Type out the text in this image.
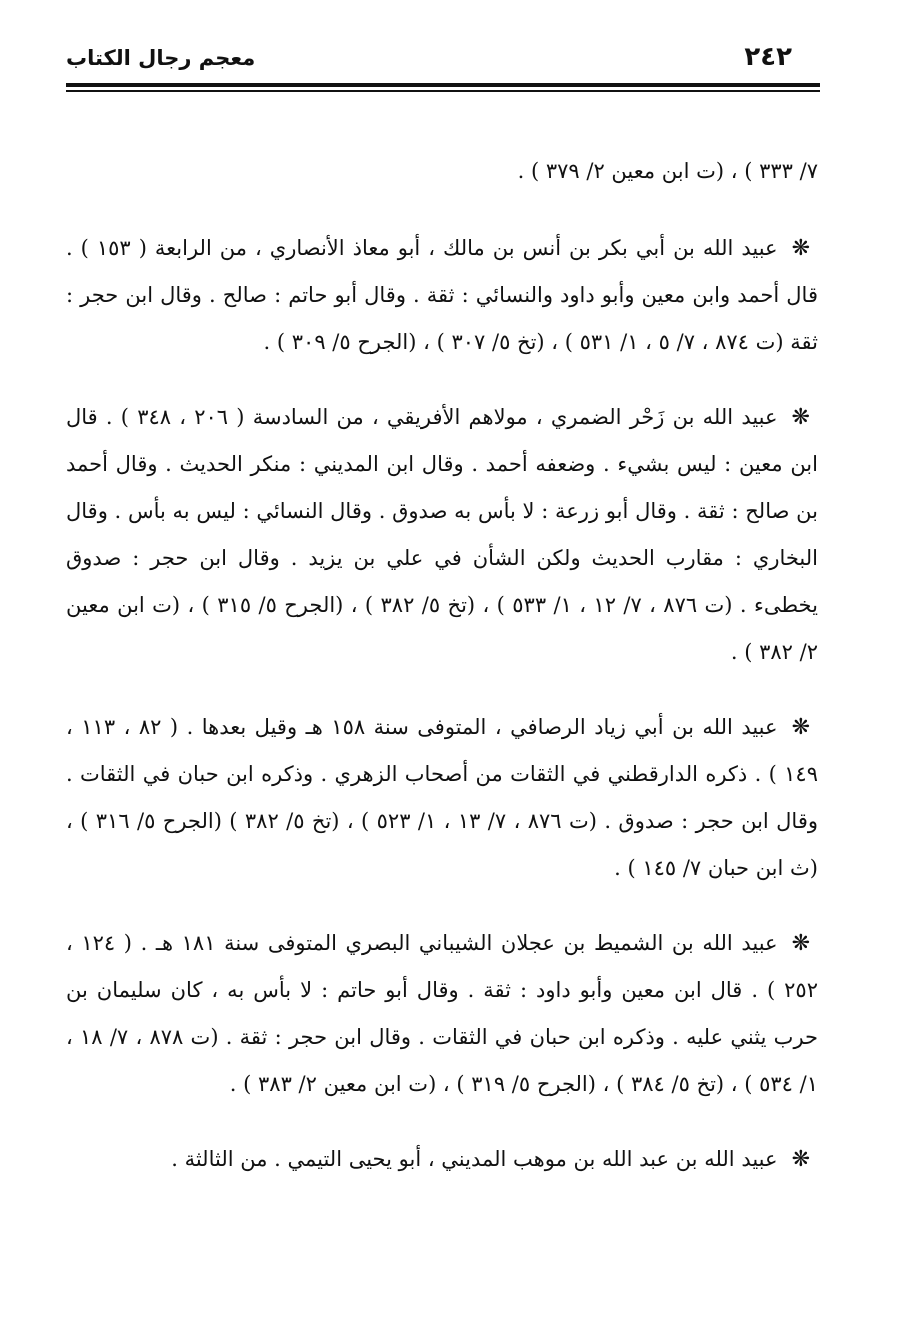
معجم رجال الكتاب	٢٤٢

٧/ ٣٣٣ ) ، (ت ابن معين ٢/ ٣٧٩ ) .

❋عبيد الله بن أبي بكر بن أنس بن مالك ، أبو معاذ الأنصاري ، من الرابعة ( ١٥٣ ) . قال أحمد وابن معين وأبو داود والنسائي : ثقة . وقال أبو حاتم : صالح . وقال ابن حجر : ثقة (ت ٨٧٤ ، ٧/ ٥ ، ١/ ٥٣١ ) ، (تخ ٥/ ٣٠٧ ) ، (الجرح ٥/ ٣٠٩ ) .

❋عبيد الله بن زَحْر الضمري ، مولاهم الأفريقي ، من السادسة ( ٢٠٦ ، ٣٤٨ ) . قال ابن معين : ليس بشيء . وضعفه أحمد . وقال ابن المديني : منكر الحديث . وقال أحمد بن صالح : ثقة . وقال أبو زرعة : لا بأس به صدوق . وقال النسائي : ليس به بأس . وقال البخاري : مقارب الحديث ولكن الشأن في علي بن يزيد . وقال ابن حجر : صدوق يخطىء . (ت ٨٧٦ ، ٧/ ١٢ ، ١/ ٥٣٣ ) ، (تخ ٥/ ٣٨٢ ) ، (الجرح ٥/ ٣١٥ ) ، (ت ابن معين ٢/ ٣٨٢ ) .

❋عبيد الله بن أبي زياد الرصافي ، المتوفى سنة ١٥٨ هـ وقيل بعدها . ( ٨٢ ، ١١٣ ، ١٤٩ ) . ذكره الدارقطني في الثقات من أصحاب الزهري . وذكره ابن حبان في الثقات . وقال ابن حجر : صدوق . (ت ٨٧٦ ، ٧/ ١٣ ، ١/ ٥٢٣ ) ، (تخ ٥/ ٣٨٢ ) (الجرح ٥/ ٣١٦ ) ، (ث ابن حبان ٧/ ١٤٥ ) .

❋عبيد الله بن الشميط بن عجلان الشيباني البصري المتوفى سنة ١٨١ هـ . ( ١٢٤ ، ٢٥٢ ) . قال ابن معين وأبو داود : ثقة . وقال أبو حاتم : لا بأس به ، كان سليمان بن حرب يثني عليه . وذكره ابن حبان في الثقات . وقال ابن حجر : ثقة . (ت ٨٧٨ ، ٧/ ١٨ ، ١/ ٥٣٤ ) ، (تخ ٥/ ٣٨٤ ) ، (الجرح ٥/ ٣١٩ ) ، (ت ابن معين ٢/ ٣٨٣ ) .

❋عبيد الله بن عبد الله بن موهب المديني ، أبو يحيى التيمي . من الثالثة .
